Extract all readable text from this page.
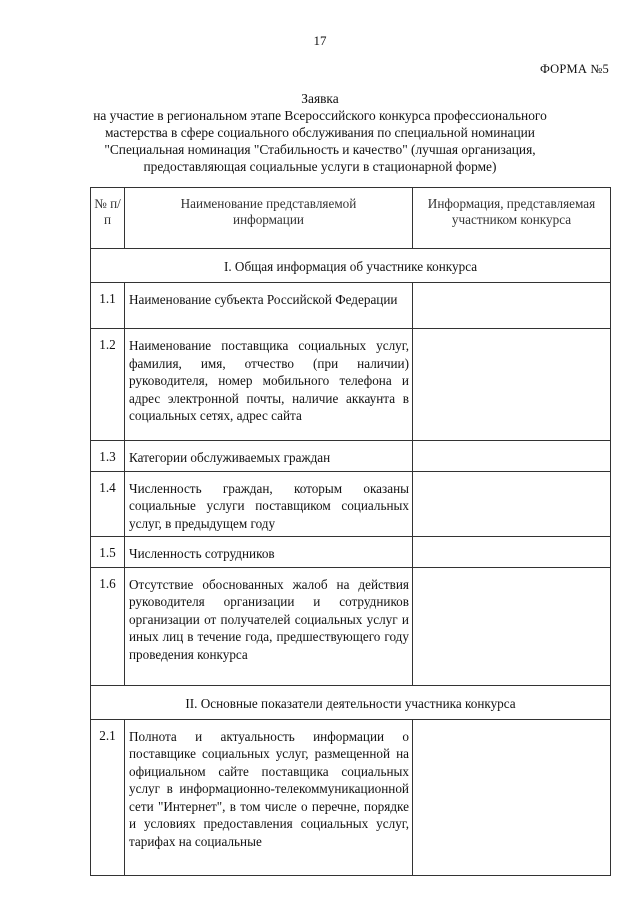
17
ФОРМА №5
Заявка
на участие в региональном этапе Всероссийского конкурса профессионального
мастерства в сфере социального обслуживания по специальной номинации
"Специальная номинация "Стабильность и качество" (лучшая организация,
предоставляющая социальные услуги в стационарной форме)
№ п/п	Наименование представляемой информации	Информация, представляемая участником конкурса
I. Общая информация об участнике конкурса		
1.1	Наименование субъекта Российской Федерации	
1.2	Наименование поставщика социальных услуг, фамилия, имя, отчество (при наличии) руководителя, номер мобильного телефона и адрес электронной почты, наличие аккаунта в социальных сетях, адрес сайта	
1.3	Категории обслуживаемых граждан	
1.4	Численность граждан, которым оказаны социальные услуги поставщиком социальных услуг, в предыдущем году	
1.5	Численность сотрудников	
1.6	Отсутствие обоснованных жалоб на действия руководителя организации и сотрудников организации от получателей социальных услуг и иных лиц в течение года, предшествующего году проведения конкурса	
II. Основные показатели деятельности участника конкурса		
2.1	Полнота и актуальность информации о поставщике социальных услуг, размещенной на официальном сайте поставщика социальных услуг в информационно-телекоммуникационной сети "Интернет", в том числе о перечне, порядке и условиях предоставления социальных услуг, тарифах на социальные	
